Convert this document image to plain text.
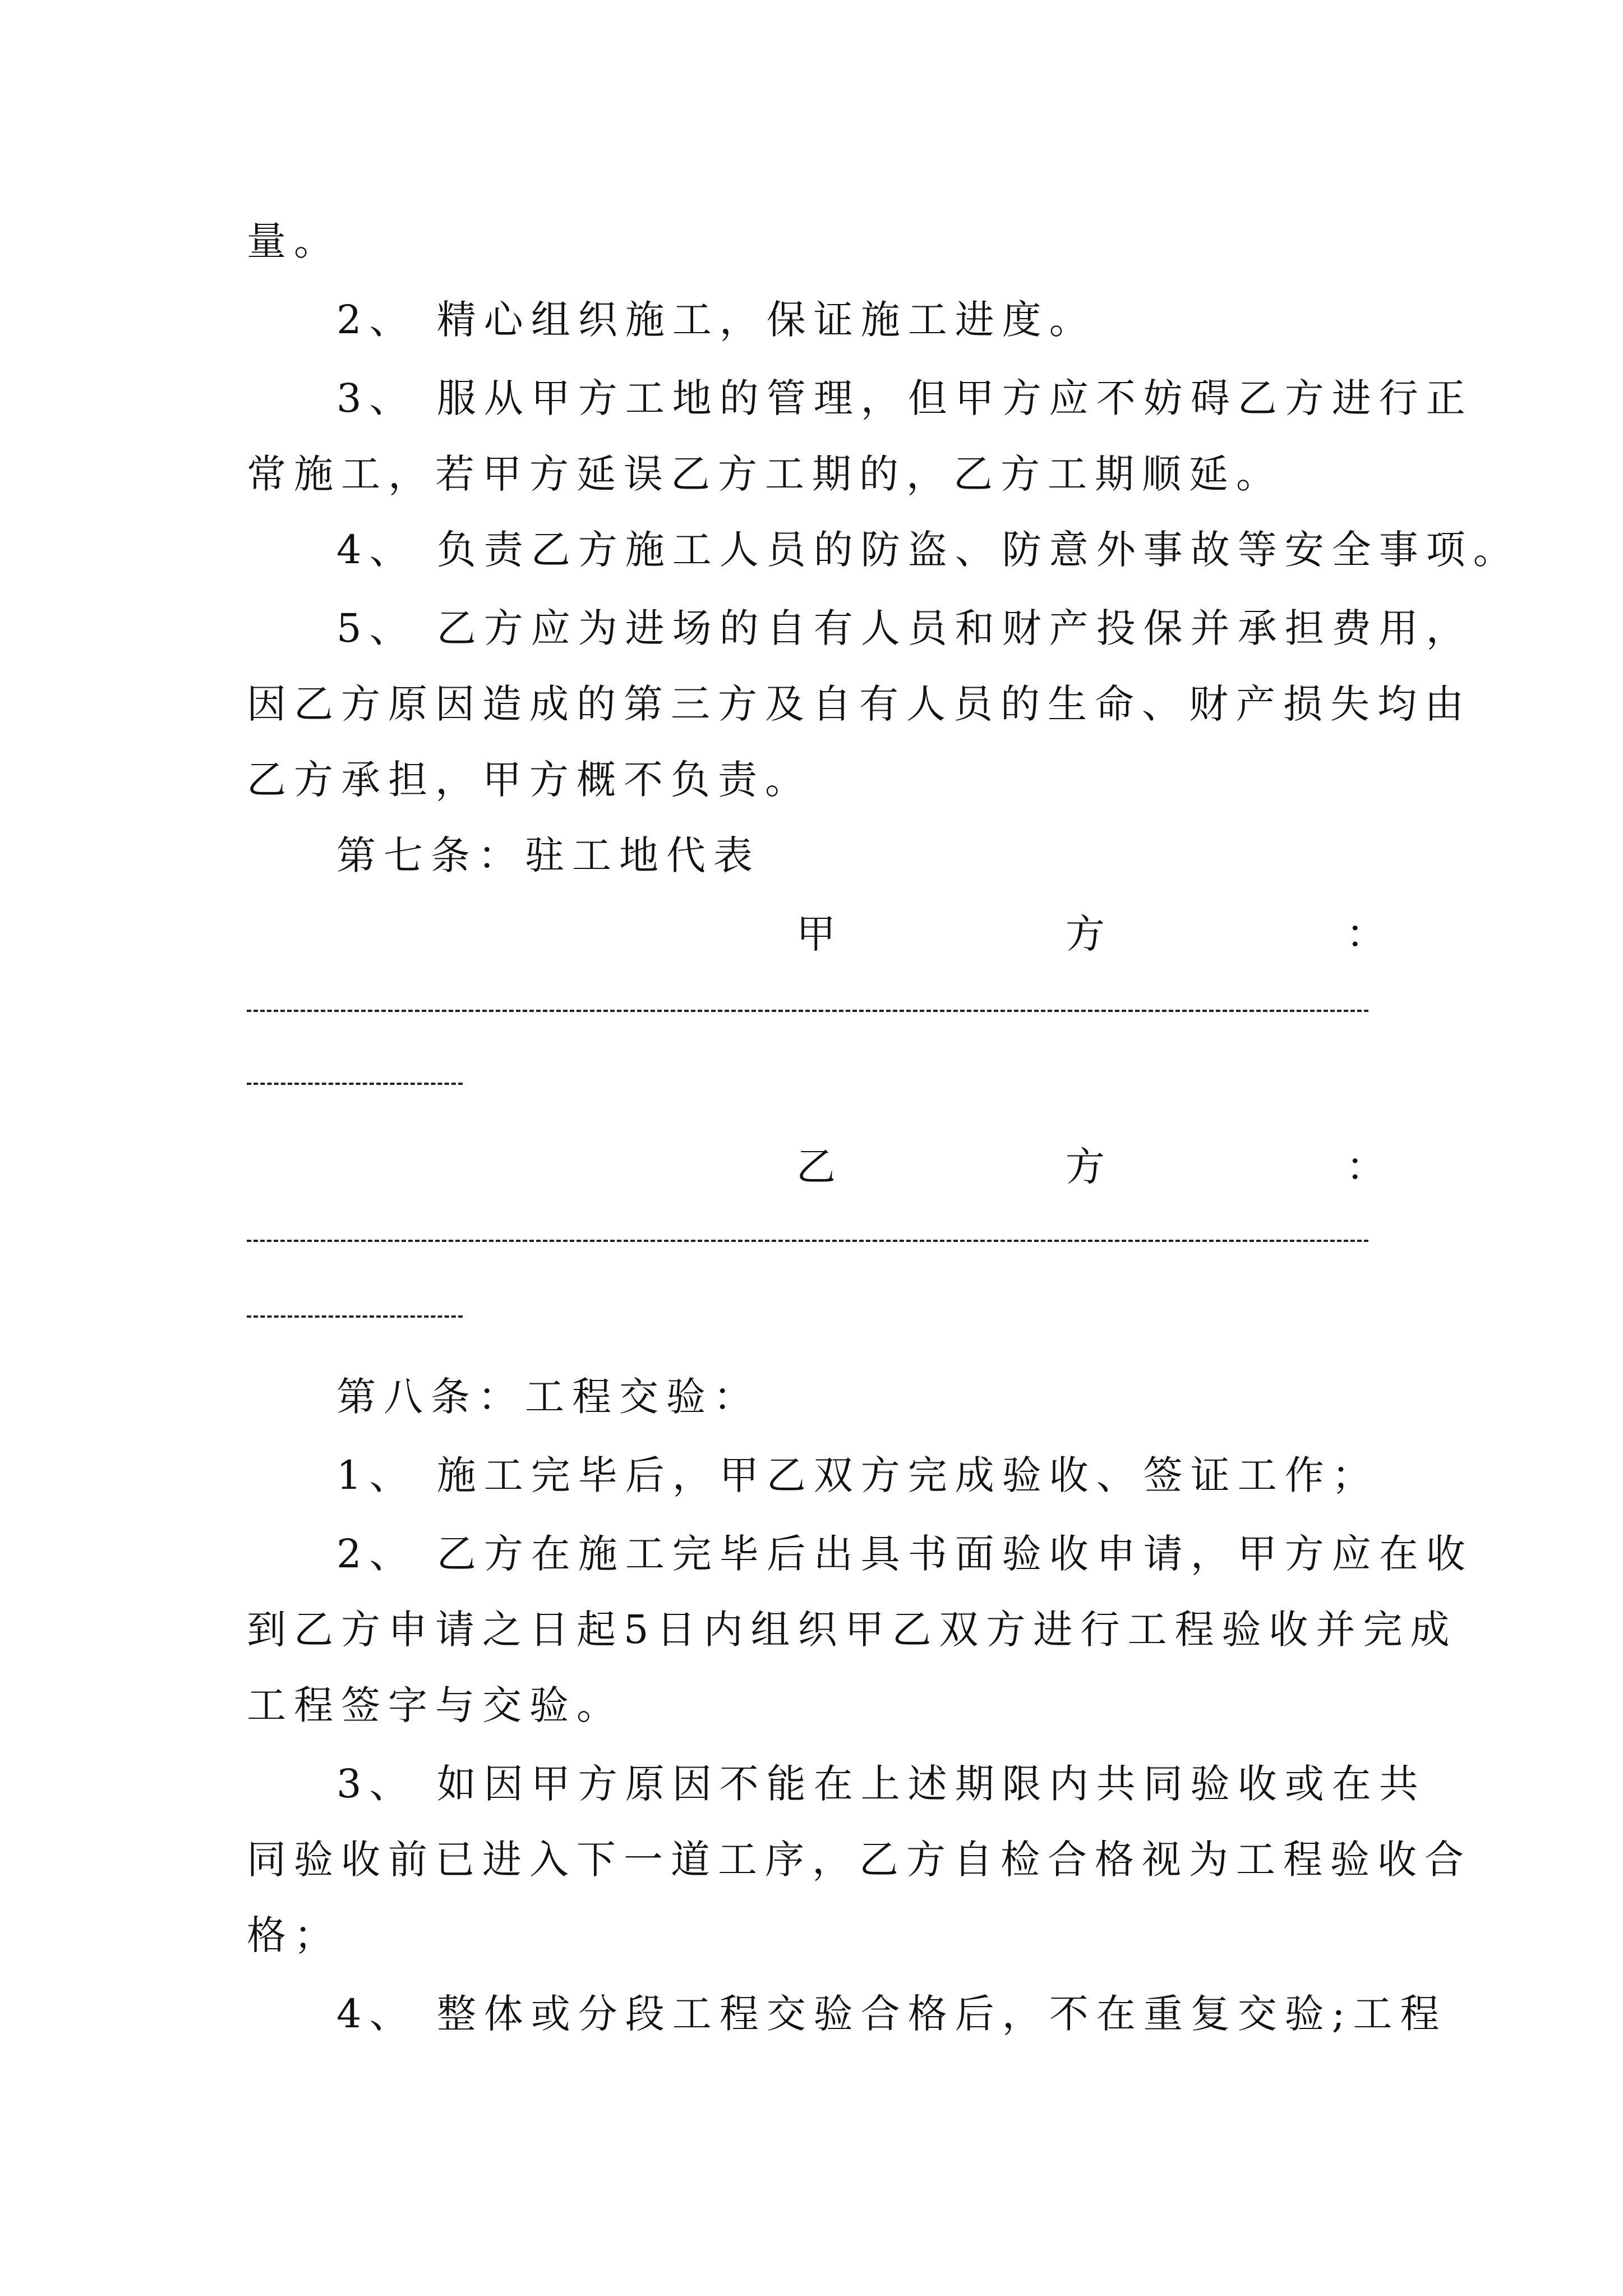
量。
2、 精心组织施工，保证施工进度。
3、 服从甲方工地的管理，但甲方应不妨碍乙方进行正
常施工，若甲方延误乙方工期的，乙方工期顺延。
4、 负责乙方施工人员的防盗、防意外事故等安全事项。
5、 乙方应为进场的自有人员和财产投保并承担费用，
因乙方原因造成的第三方及自有人员的生命、财产损失均由
乙方承担，甲方概不负责。
第七条：驻工地代表
甲	方	：
乙	方	：
第八条：工程交验：
1、 施工完毕后，甲乙双方完成验收、签证工作；
2、 乙方在施工完毕后出具书面验收申请，甲方应在收
到乙方申请之日起5日内组织甲乙双方进行工程验收并完成
工程签字与交验。
3、 如因甲方原因不能在上述期限内共同验收或在共
同验收前已进入下一道工序，乙方自检合格视为工程验收合
格；
4、 整体或分段工程交验合格后，不在重复交验;工程
